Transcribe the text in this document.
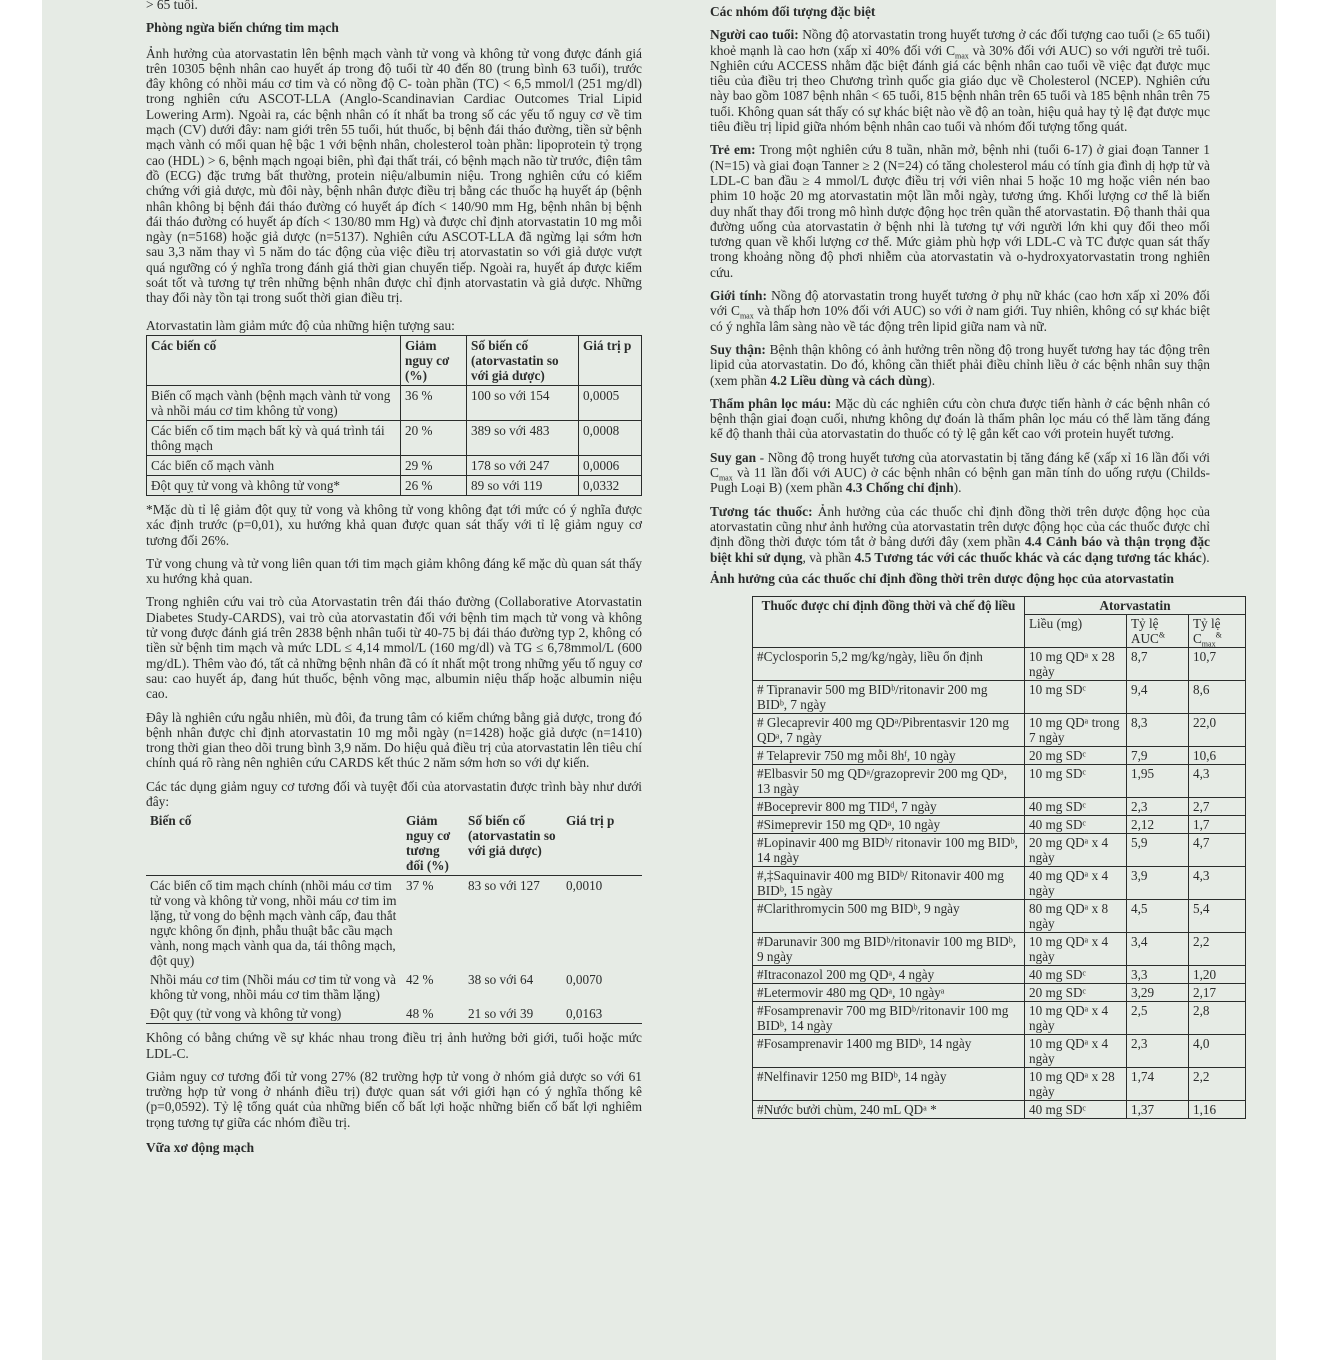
> 65 tuổi.

Phòng ngừa biến chứng tim mạch

Ảnh hưởng của atorvastatin lên bệnh mạch vành tử vong và không tử vong được đánh giá trên 10305 bệnh nhân cao huyết áp trong độ tuổi từ 40 đến 80 (trung bình 63 tuổi), trước đây không có nhồi máu cơ tim và có nồng độ C- toàn phần (TC) < 6,5 mmol/l (251 mg/dl) trong nghiên cứu ASCOT-LLA (Anglo-Scandinavian Cardiac Outcomes Trial Lipid Lowering Arm). Ngoài ra, các bệnh nhân có ít nhất ba trong số các yếu tố nguy cơ về tim mạch (CV) dưới đây: nam giới trên 55 tuổi, hút thuốc, bị bệnh đái tháo đường, tiền sử bệnh mạch vành có mối quan hệ bậc 1 với bệnh nhân, cholesterol toàn phần: lipoprotein tỷ trọng cao (HDL) > 6, bệnh mạch ngoại biên, phì đại thất trái, có bệnh mạch não từ trước, điện tâm đồ (ECG) đặc trưng bất thường, protein niệu/albumin niệu. Trong nghiên cứu có kiểm chứng với giả dược, mù đôi này, bệnh nhân được điều trị bằng các thuốc hạ huyết áp (bệnh nhân không bị bệnh đái tháo đường có huyết áp đích < 140/90 mm Hg, bệnh nhân bị bệnh đái tháo đường có huyết áp đích < 130/80 mm Hg) và được chỉ định atorvastatin 10 mg mỗi ngày (n=5168) hoặc giả dược (n=5137). Nghiên cứu ASCOT-LLA đã ngừng lại sớm hơn sau 3,3 năm thay vì 5 năm do tác động của việc điều trị atorvastatin so với giả dược vượt quá ngưỡng có ý nghĩa trong đánh giá thời gian chuyển tiếp. Ngoài ra, huyết áp được kiểm soát tốt và tương tự trên những bệnh nhân được chỉ định atorvastatin và giả dược. Những thay đổi này tồn tại trong suốt thời gian điều trị.

Atorvastatin làm giảm mức độ của những hiện tượng sau:

Các biến cố	Giảm nguy cơ (%)	Số biến cố (atorvastatin so với giả dược)	Giá trị p
Biến cố mạch vành (bệnh mạch vành tử vong và nhồi máu cơ tim không tử vong)	36 %	100 so với 154	0,0005
Các biến cố tim mạch bất kỳ và quá trình tái thông mạch	20 %	389 so với 483	0,0008
Các biến cố mạch vành	29 %	178 so với 247	0,0006
Đột quỵ tử vong và không tử vong*	26 %	89 so với 119	0,0332

*Mặc dù tỉ lệ giảm đột quỵ tử vong và không tử vong không đạt tới mức có ý nghĩa được xác định trước (p=0,01), xu hướng khả quan được quan sát thấy với tỉ lệ giảm nguy cơ tương đối 26%.

Tử vong chung và tử vong liên quan tới tim mạch giảm không đáng kể mặc dù quan sát thấy xu hướng khả quan.

Trong nghiên cứu vai trò của Atorvastatin trên đái tháo đường (Collaborative Atorvastatin Diabetes Study-CARDS), vai trò của atorvastatin đối với bệnh tim mạch tử vong và không tử vong được đánh giá trên 2838 bệnh nhân tuổi từ 40-75 bị đái tháo đường typ 2, không có tiền sử bệnh tim mạch và mức LDL ≤ 4,14 mmol/L (160 mg/dl) và TG ≤ 6,78mmol/L (600 mg/dL). Thêm vào đó, tất cả những bệnh nhân đã có ít nhất một trong những yếu tố nguy cơ sau: cao huyết áp, đang hút thuốc, bệnh võng mạc, albumin niệu thấp hoặc albumin niệu cao.

Đây là nghiên cứu ngẫu nhiên, mù đôi, đa trung tâm có kiểm chứng bằng giả dược, trong đó bệnh nhân được chỉ định atorvastatin 10 mg mỗi ngày (n=1428) hoặc giả dược (n=1410) trong thời gian theo dõi trung bình 3,9 năm. Do hiệu quả điều trị của atorvastatin lên tiêu chí chính quá rõ ràng nên nghiên cứu CARDS kết thúc 2 năm sớm hơn so với dự kiến.

Các tác dụng giảm nguy cơ tương đối và tuyệt đối của atorvastatin được trình bày như dưới đây:

Biến cố	Giảm nguy cơ tương đối (%)	Số biến cố (atorvastatin so với giả dược)	Giá trị p
Các biến cố tim mạch chính (nhồi máu cơ tim tử vong và không tử vong, nhồi máu cơ tim im lặng, tử vong do bệnh mạch vành cấp, đau thắt ngực không ổn định, phẫu thuật bắc cầu mạch vành, nong mạch vành qua da, tái thông mạch, đột quỵ)	37 %	83 so với 127	0,0010
Nhồi máu cơ tim (Nhồi máu cơ tim tử vong và không tử vong, nhồi máu cơ tim thầm lặng)	42 %	38 so với 64	0,0070
Đột quỵ (tử vong và không tử vong)	48 %	21 so với 39	0,0163

Không có bằng chứng về sự khác nhau trong điều trị ảnh hưởng bởi giới, tuổi hoặc mức LDL-C.

Giảm nguy cơ tương đối tử vong 27% (82 trường hợp tử vong ở nhóm giả dược so với 61 trường hợp tử vong ở nhánh điều trị) được quan sát với giới hạn có ý nghĩa thống kê (p=0,0592). Tỷ lệ tổng quát của những biến cố bất lợi hoặc những biến cố bất lợi nghiêm trọng tương tự giữa các nhóm điều trị.

Vữa xơ động mạch
Các nhóm đối tượng đặc biệt

Người cao tuổi: Nồng độ atorvastatin trong huyết tương ở các đối tượng cao tuổi (≥ 65 tuổi) khoẻ mạnh là cao hơn (xấp xỉ 40% đối với $C_{max}$ và 30% đối với AUC) so với người trẻ tuổi. Nghiên cứu ACCESS nhằm đặc biệt đánh giá các bệnh nhân cao tuổi về việc đạt được mục tiêu của điều trị theo Chương trình quốc gia giáo dục về Cholesterol (NCEP). Nghiên cứu này bao gồm 1087 bệnh nhân < 65 tuổi, 815 bệnh nhân trên 65 tuổi và 185 bệnh nhân trên 75 tuổi. Không quan sát thấy có sự khác biệt nào về độ an toàn, hiệu quả hay tỷ lệ đạt được mục tiêu điều trị lipid giữa nhóm bệnh nhân cao tuổi và nhóm đối tượng tổng quát.

Trẻ em: Trong một nghiên cứu 8 tuần, nhãn mở, bệnh nhi (tuổi 6-17) ở giai đoạn Tanner 1 (N=15) và giai đoạn Tanner ≥ 2 (N=24) có tăng cholesterol máu có tính gia đình dị hợp tử và LDL-C ban đầu ≥ 4 mmol/L được điều trị với viên nhai 5 hoặc 10 mg hoặc viên nén bao phim 10 hoặc 20 mg atorvastatin một lần mỗi ngày, tương ứng. Khối lượng cơ thể là biến duy nhất thay đổi trong mô hình dược động học trên quần thể atorvastatin. Độ thanh thải qua đường uống của atorvastatin ở bệnh nhi là tương tự với người lớn khi quy đổi theo mối tương quan về khối lượng cơ thể. Mức giảm phù hợp với LDL-C và TC được quan sát thấy trong khoảng nồng độ phơi nhiễm của atorvastatin và o-hydroxyatorvastatin trong nghiên cứu.

Giới tính: Nồng độ atorvastatin trong huyết tương ở phụ nữ khác (cao hơn xấp xỉ 20% đối với $C_{max}$ và thấp hơn 10% đối với AUC) so với ở nam giới. Tuy nhiên, không có sự khác biệt có ý nghĩa lâm sàng nào về tác động trên lipid giữa nam và nữ.

Suy thận: Bệnh thận không có ảnh hưởng trên nồng độ trong huyết tương hay tác động trên lipid của atorvastatin. Do đó, không cần thiết phải điều chỉnh liều ở các bệnh nhân suy thận (xem phần 4.2 Liều dùng và cách dùng).

Thẩm phân lọc máu: Mặc dù các nghiên cứu còn chưa được tiến hành ở các bệnh nhân có bệnh thận giai đoạn cuối, nhưng không dự đoán là thẩm phân lọc máu có thể làm tăng đáng kể độ thanh thải của atorvastatin do thuốc có tỷ lệ gắn kết cao với protein huyết tương.

Suy gan - Nồng độ trong huyết tương của atorvastatin bị tăng đáng kể (xấp xỉ 16 lần đối với $C_{max}$ và 11 lần đối với AUC) ở các bệnh nhân có bệnh gan mãn tính do uống rượu (Childs-Pugh Loại B) (xem phần 4.3 Chống chỉ định).

Tương tác thuốc: Ảnh hưởng của các thuốc chỉ định đồng thời trên dược động học của atorvastatin cũng như ảnh hưởng của atorvastatin trên dược động học của các thuốc được chỉ định đồng thời được tóm tắt ở bảng dưới đây (xem phần 4.4 Cảnh báo và thận trọng đặc biệt khi sử dụng, và phần 4.5 Tương tác với các thuốc khác và các dạng tương tác khác).

Ảnh hưởng của các thuốc chỉ định đồng thời trên dược động học của atorvastatin
Thuốc được chỉ định đồng thời và chế độ liều	Atorvastatin		
	Liều (mg)	Tỷ lệ AUC&	Tỷ lệ $C_{max}^{\&}$
#Cyclosporin 5,2 mg/kg/ngày, liều ổn định	10 mg QDᵃ x 28 ngày	8,7	10,7
# Tipranavir 500 mg BIDᵇ/ritonavir 200 mg BIDᵇ, 7 ngày	10 mg SDᶜ	9,4	8,6
# Glecaprevir 400 mg QDᵃ/Pibrentasvir 120 mg QDᵃ, 7 ngày	10 mg QDᵃ trong 7 ngày	8,3	22,0
# Telaprevir 750 mg mỗi 8hᶠ, 10 ngày	20 mg SDᶜ	7,9	10,6
#Elbasvir 50 mg QDᵃ/grazoprevir 200 mg QDᵃ, 13 ngày	10 mg SDᶜ	1,95	4,3
#Boceprevir 800 mg TIDᵈ, 7 ngày	40 mg SDᶜ	2,3	2,7
#Simeprevir 150 mg QDᵃ, 10 ngày	40 mg SDᶜ	2,12	1,7
#Lopinavir 400 mg BIDᵇ/ ritonavir 100 mg BIDᵇ, 14 ngày	20 mg QDᵃ x 4 ngày	5,9	4,7
#,‡Saquinavir 400 mg BIDᵇ/ Ritonavir 400 mg BIDᵇ, 15 ngày	40 mg QDᵃ x 4 ngày	3,9	4,3
#Clarithromycin 500 mg BIDᵇ, 9 ngày	80 mg QDᵃ x 8 ngày	4,5	5,4
#Darunavir 300 mg BIDᵇ/ritonavir 100 mg BIDᵇ, 9 ngày	10 mg QDᵃ x 4 ngày	3,4	2,2
#Itraconazol 200 mg QDᵃ, 4 ngày	40 mg SDᶜ	3,3	1,20
#Letermovir 480 mg QDᵃ, 10 ngàyᵃ	20 mg SDᶜ	3,29	2,17
#Fosamprenavir 700 mg BIDᵇ/ritonavir 100 mg BIDᵇ, 14 ngày	10 mg QDᵃ x 4 ngày	2,5	2,8
#Fosamprenavir 1400 mg BIDᵇ, 14 ngày	10 mg QDᵃ x 4 ngày	2,3	4,0
#Nelfinavir 1250 mg BIDᵇ, 14 ngày	10 mg QDᵃ x 28 ngày	1,74	2,2
#Nước bưởi chùm, 240 mL QDᵃ *	40 mg SDᶜ	1,37	1,16
